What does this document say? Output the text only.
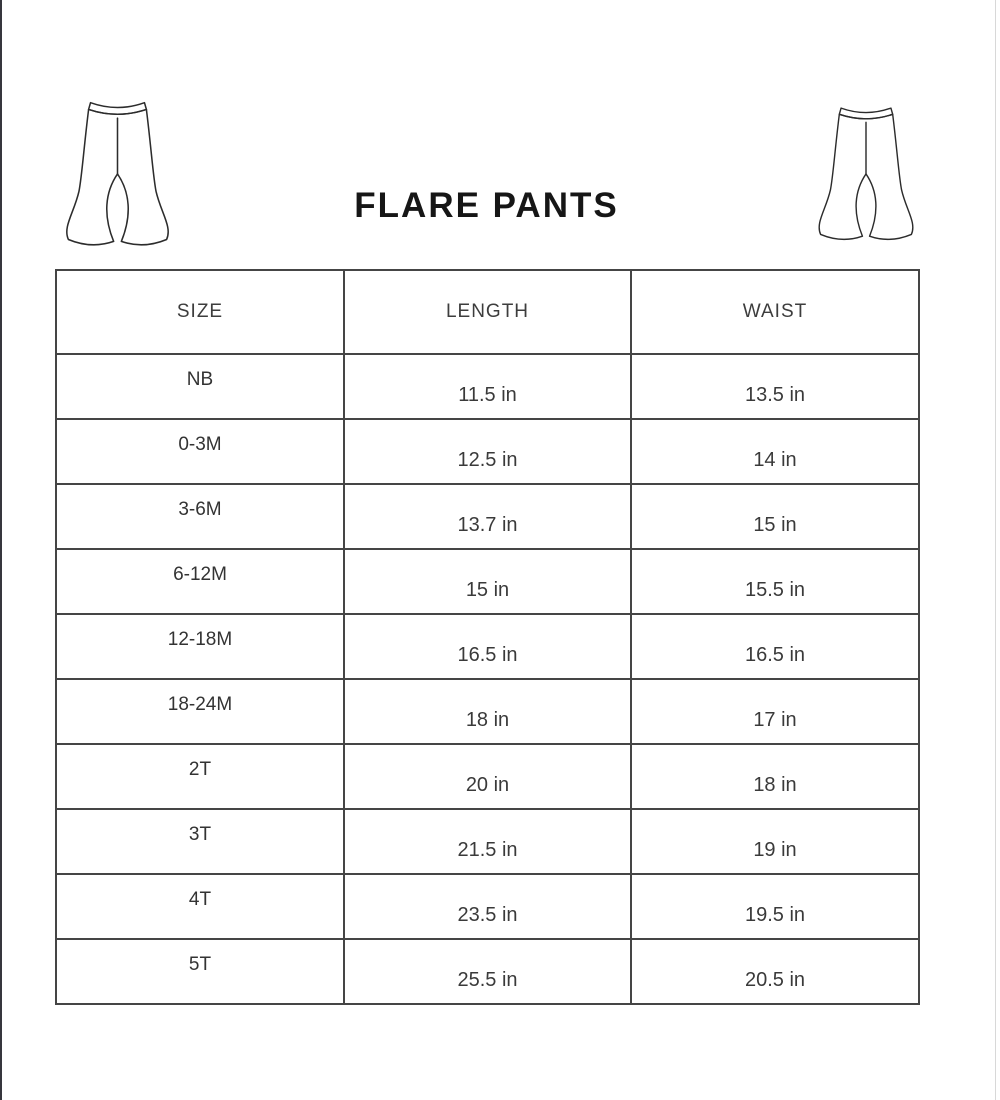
FLARE PANTS
SIZE	LENGTH	WAIST
NB	11.5 in	13.5 in
0-3M	12.5 in	14 in
3-6M	13.7 in	15 in
6-12M	15 in	15.5 in
12-18M	16.5 in	16.5 in
18-24M	18 in	17 in
2T	20 in	18 in
3T	21.5 in	19 in
4T	23.5 in	19.5 in
5T	25.5 in	20.5 in
